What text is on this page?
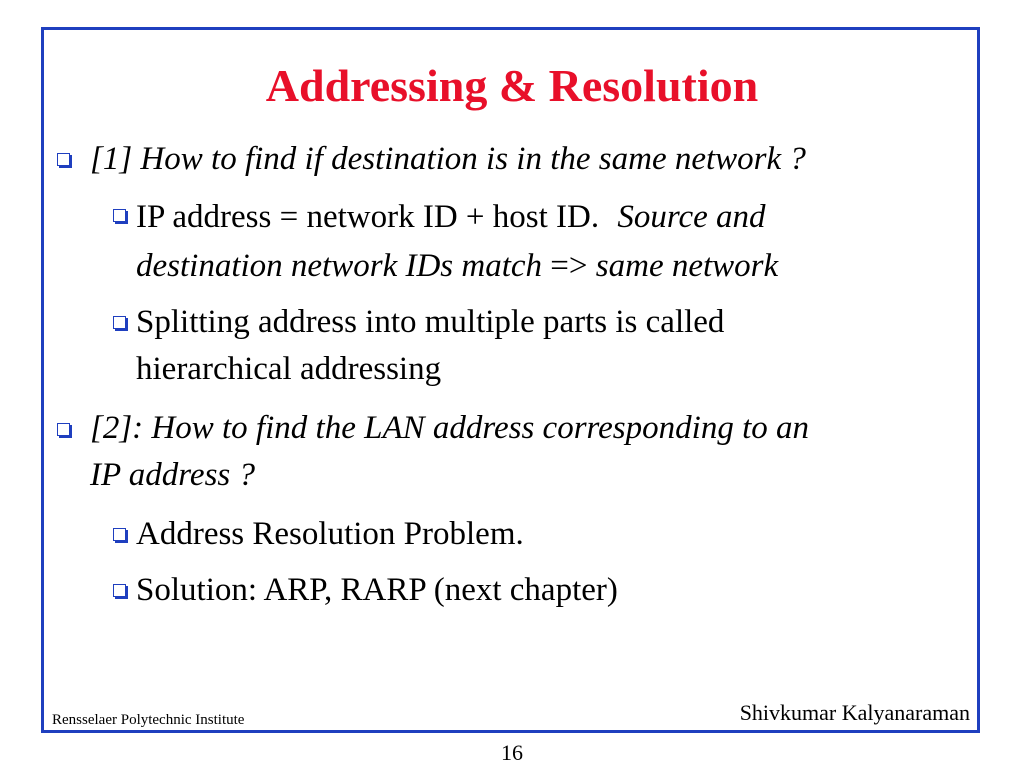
Addressing & Resolution
[1] How to find if destination is in the same network ?
IP address = network ID + host ID. Source and
destination network IDs match => same network
Splitting address into multiple parts is called
hierarchical addressing
[2]: How to find the LAN address corresponding to an
IP address ?
Address Resolution Problem.
Solution: ARP, RARP (next chapter)
Rensselaer Polytechnic Institute	Shivkumar Kalyanaraman
16
